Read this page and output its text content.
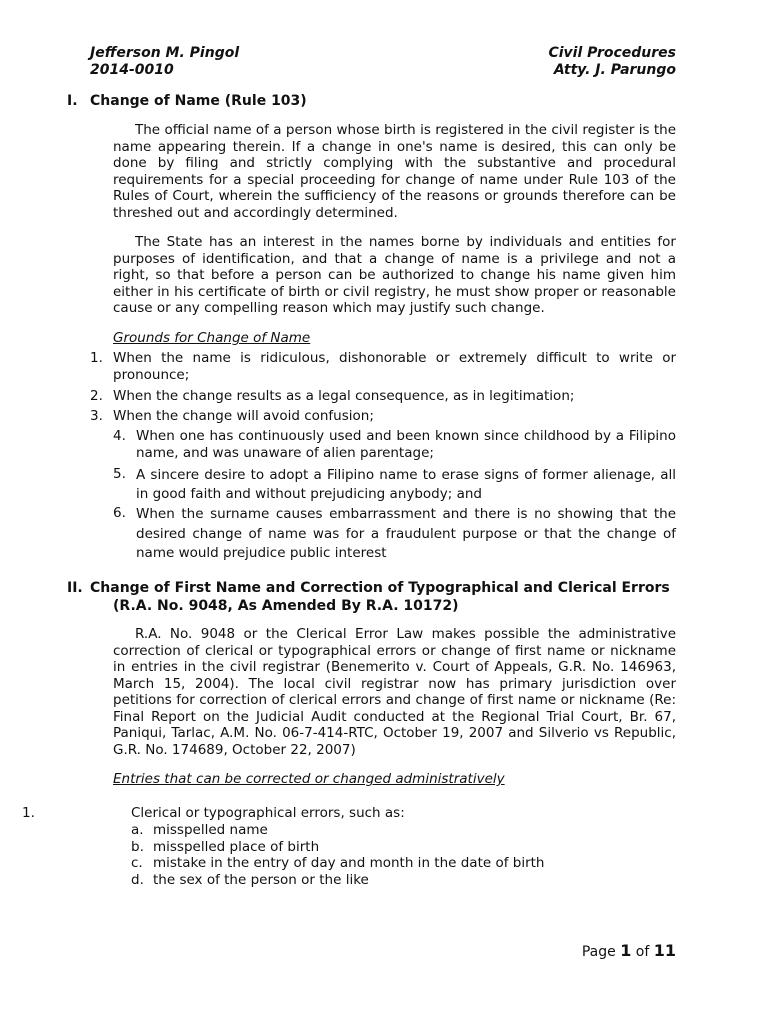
Jefferson M. Pingol
2014-0010
Civil Procedures
Atty. J. Parungo
I. Change of Name (Rule 103)
The official name of a person whose birth is registered in the civil register is the name appearing therein. If a change in one's name is desired, this can only be done by filing and strictly complying with the substantive and procedural requirements for a special proceeding for change of name under Rule 103 of the Rules of Court, wherein the sufficiency of the reasons or grounds therefore can be threshed out and accordingly determined.
The State has an interest in the names borne by individuals and entities for purposes of identification, and that a change of name is a privilege and not a right, so that before a person can be authorized to change his name given him either in his certificate of birth or civil registry, he must show proper or reasonable cause or any compelling reason which may justify such change.
Grounds for Change of Name
1. When the name is ridiculous, dishonorable or extremely difficult to write or pronounce;
2. When the change results as a legal consequence, as in legitimation;
3. When the change will avoid confusion;
4. When one has continuously used and been known since childhood by a Filipino name, and was unaware of alien parentage;
5. A sincere desire to adopt a Filipino name to erase signs of former alienage, all in good faith and without prejudicing anybody; and
6. When the surname causes embarrassment and there is no showing that the desired change of name was for a fraudulent purpose or that the change of name would prejudice public interest
II. Change of First Name and Correction of Typographical and Clerical Errors
(R.A. No. 9048, As Amended By R.A. 10172)
R.A. No. 9048 or the Clerical Error Law makes possible the administrative correction of clerical or typographical errors or change of first name or nickname in entries in the civil registrar (Benemerito v. Court of Appeals, G.R. No. 146963, March 15, 2004). The local civil registrar now has primary jurisdiction over petitions for correction of clerical errors and change of first name or nickname (Re: Final Report on the Judicial Audit conducted at the Regional Trial Court, Br. 67, Paniqui, Tarlac, A.M. No. 06-7-414-RTC, October 19, 2007 and Silverio vs Republic, G.R. No. 174689, October 22, 2007)
Entries that can be corrected or changed administratively
1.	Clerical or typographical errors, such as:
a. misspelled name
b. misspelled place of birth
c. mistake in the entry of day and month in the date of birth
d. the sex of the person or the like
Page 1 of 11
